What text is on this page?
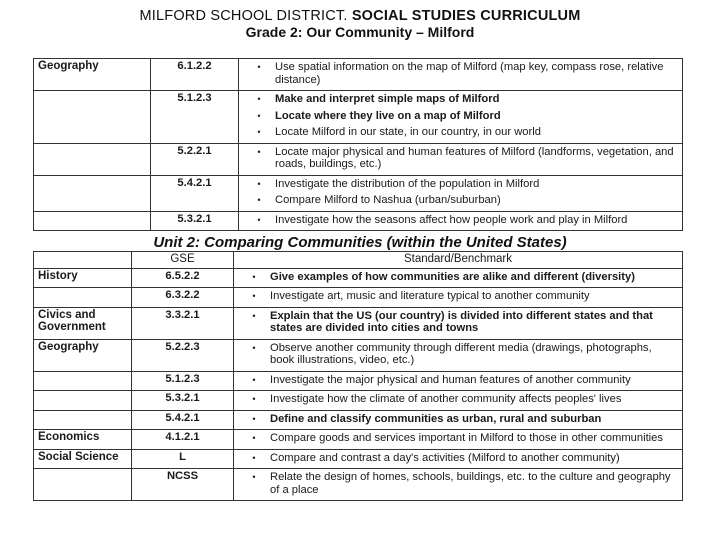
MILFORD SCHOOL DISTRICT. SOCIAL STUDIES CURRICULUM
Grade 2: Our Community – Milford
Geography	6.1.2.2	• Use spatial information on the map of Milford (map key, compass rose, relative distance)

	5.1.2.3	•	Make and interpret simple maps of Milford
•	Locate where they live on a map of Milford
•	Locate Milford in our state, in our country, in our world

	5.2.2.1	• Locate major physical and human features of Milford (landforms, vegetation, and roads, buildings, etc.)

	5.4.2.1	• Investigate the distribution of the population in Milford
• Compare Milford to Nashua (urban/suburban)

	5.3.2.1	• Investigate how the seasons affect how people work and play in Milford
Unit 2: Comparing Communities (within the United States)
	GSE	Standard/Benchmark
History	6.5.2.2	• Give examples of how communities are alike and different (diversity)

	6.3.2.2	• Investigate art, music and literature typical to another community

Civics and Government	3.3.2.1	• Explain that the US (our country) is divided into different states and that states are divided into cities and towns

Geography	5.2.2.3	• Observe another community through different media (drawings, photographs, book illustrations, video, etc.)

	5.1.2.3	• Investigate the major physical and human features of another community

	5.3.2.1	• Investigate how the climate of another community affects peoples' lives

	5.4.2.1	• Define and classify communities as urban, rural and suburban

Economics	4.1.2.1	• Compare goods and services important in Milford to those in other communities

Social Science	L	• Compare and contrast a day's activities (Milford to another community)

	NCSS	• Relate the design of homes, schools, buildings, etc. to the culture and geography of a place
